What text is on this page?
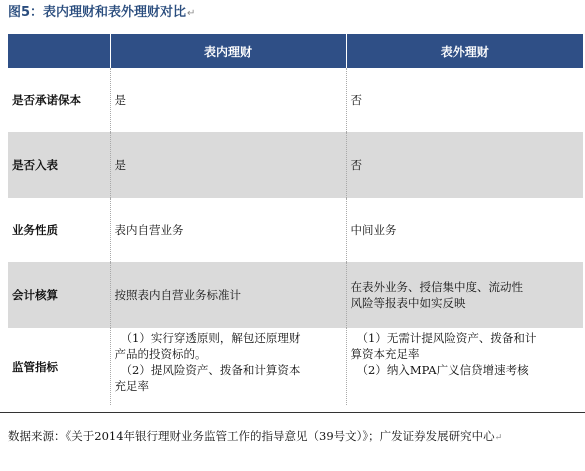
图5：表内理财和表外理财对比↵
	表内理财	表外理财
是否承诺保本	是	否

是否入表	是	否

业务性质	表内自营业务	中间业务

会计核算	按照表内自营业务标准计	在表外业务、授信集中度、流动性
风险等报表中如实反映

监管指标	（1）实行穿透原则，解包还原理财
产品的投资标的。
（2）提风险资产、拨备和计算资本
充足率	（1）无需计提风险资产、拨备和计
算资本充足率
（2）纳入MPA广义信贷增速考核
数据来源：《关于2014年银行理财业务监管工作的指导意见（39号文）》；广发证券发展研究中心↵
